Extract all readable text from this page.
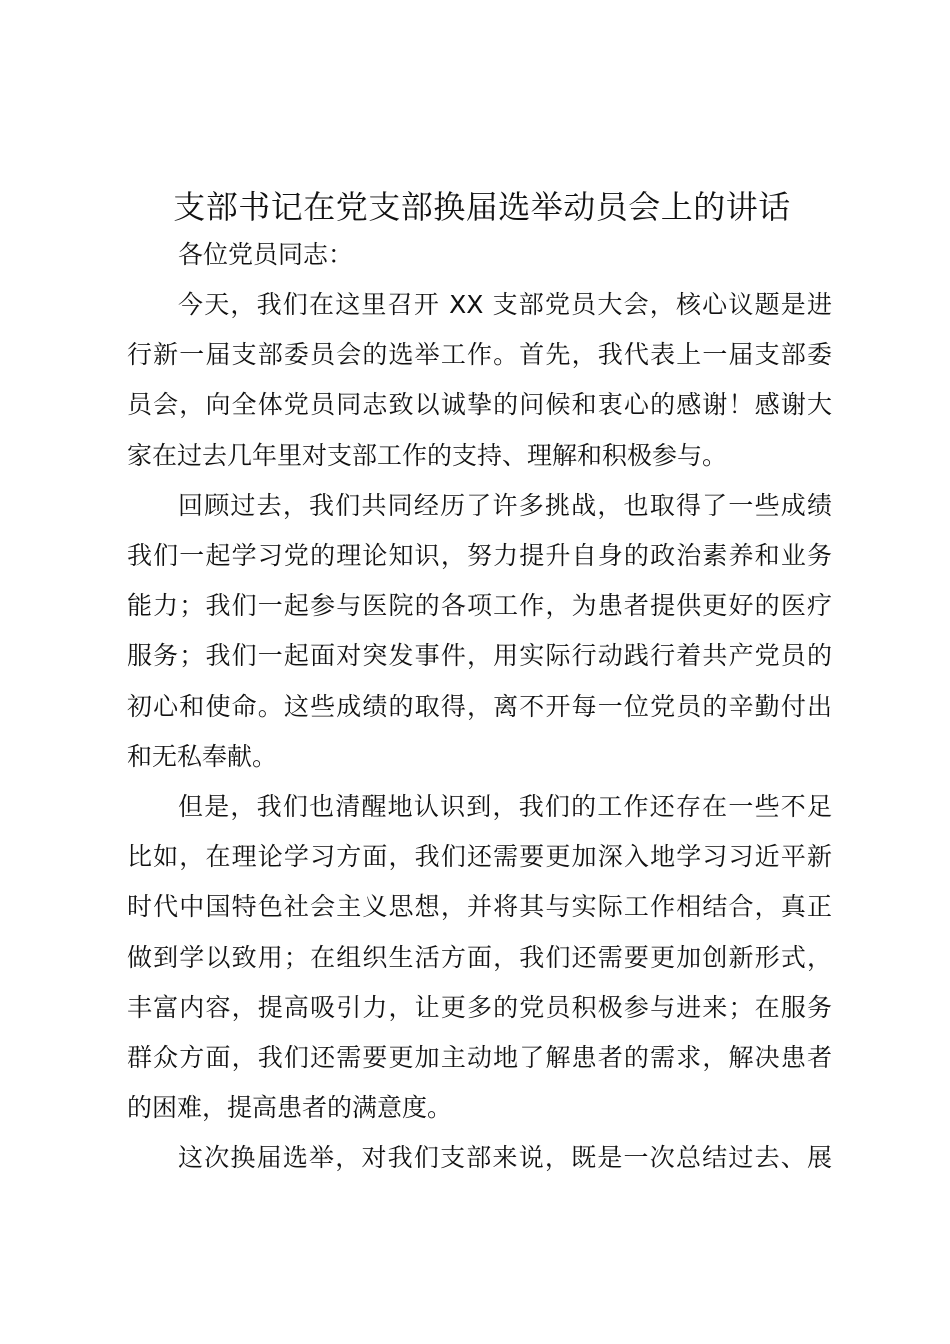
支部书记在党支部换届选举动员会上的讲话

各位党员同志：

今天，我们在这里召开 XX 支部党员大会，核心议题是进
行新一届支部委员会的选举工作。首先，我代表上一届支部委
员会，向全体党员同志致以诚挚的问候和衷心的感谢！感谢大
家在过去几年里对支部工作的支持、理解和积极参与。

回顾过去，我们共同经历了许多挑战，也取得了一些成绩
我们一起学习党的理论知识，努力提升自身的政治素养和业务
能力；我们一起参与医院的各项工作，为患者提供更好的医疗
服务；我们一起面对突发事件，用实际行动践行着共产党员的
初心和使命。这些成绩的取得，离不开每一位党员的辛勤付出
和无私奉献。

但是，我们也清醒地认识到，我们的工作还存在一些不足
比如，在理论学习方面，我们还需要更加深入地学习习近平新
时代中国特色社会主义思想，并将其与实际工作相结合，真正
做到学以致用；在组织生活方面，我们还需要更加创新形式，
丰富内容，提高吸引力，让更多的党员积极参与进来；在服务
群众方面，我们还需要更加主动地了解患者的需求，解决患者
的困难，提高患者的满意度。

这次换届选举，对我们支部来说，既是一次总结过去、展
